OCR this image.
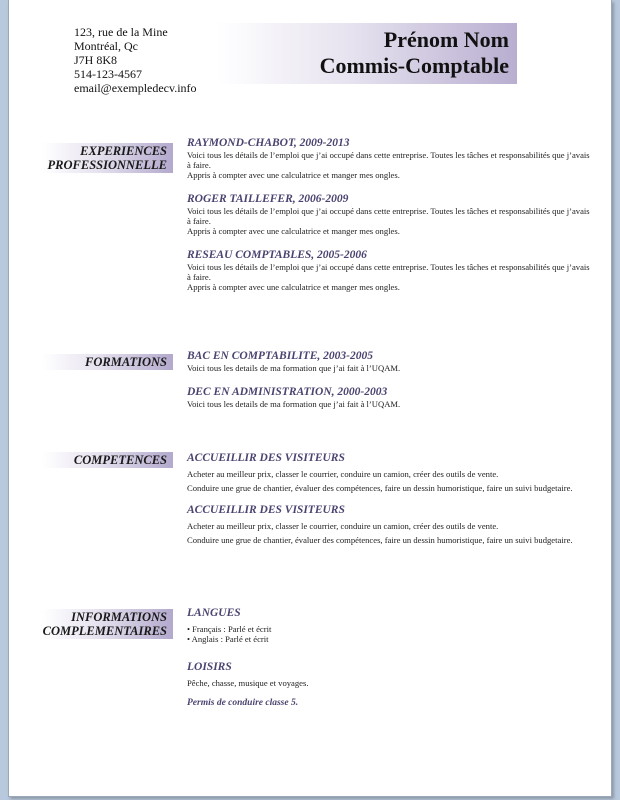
123, rue de la Mine
Montréal, Qc
J7H 8K8
514-123-4567
email@exempledecv.info
Prénom Nom
Commis-Comptable
EXPERIENCES
PROFESSIONNELLE
RAYMOND-CHABOT, 2009-2013
Voici tous les détails de l’emploi que j’ai occupé dans cette entreprise. Toutes les tâches et responsabilités que j’avais à faire.
Appris à compter avec une calculatrice et manger mes ongles.
ROGER TAILLEFER, 2006-2009
Voici tous les détails de l’emploi que j’ai occupé dans cette entreprise. Toutes les tâches et responsabilités que j’avais à faire.
Appris à compter avec une calculatrice et manger mes ongles.
RESEAU COMPTABLES, 2005-2006
Voici tous les détails de l’emploi que j’ai occupé dans cette entreprise. Toutes les tâches et responsabilités que j’avais à faire.
Appris à compter avec une calculatrice et manger mes ongles.
FORMATIONS BAC EN COMPTABILITE, 2003-2005
Voici tous les details de ma formation que j’ai fait à l’UQAM.
DEC EN ADMINISTRATION, 2000-2003
Voici tous les details de ma formation que j’ai fait à l’UQAM.
COMPETENCES ACCUEILLIR DES VISITEURS
Acheter au meilleur prix, classer le courrier, conduire un camion, créer des outils de vente.
Conduire une grue de chantier, évaluer des compétences, faire un dessin humoristique, faire un suivi budgetaire.
ACCUEILLIR DES VISITEURS
Acheter au meilleur prix, classer le courrier, conduire un camion, créer des outils de vente.
Conduire une grue de chantier, évaluer des compétences, faire un dessin humoristique, faire un suivi budgetaire.
INFORMATIONS
COMPLEMENTAIRES
LANGUES
• Français : Parlé et écrit
• Anglais : Parlé et écrit
LOISIRS
Pêche, chasse, musique et voyages.
Permis de conduire classe 5.
